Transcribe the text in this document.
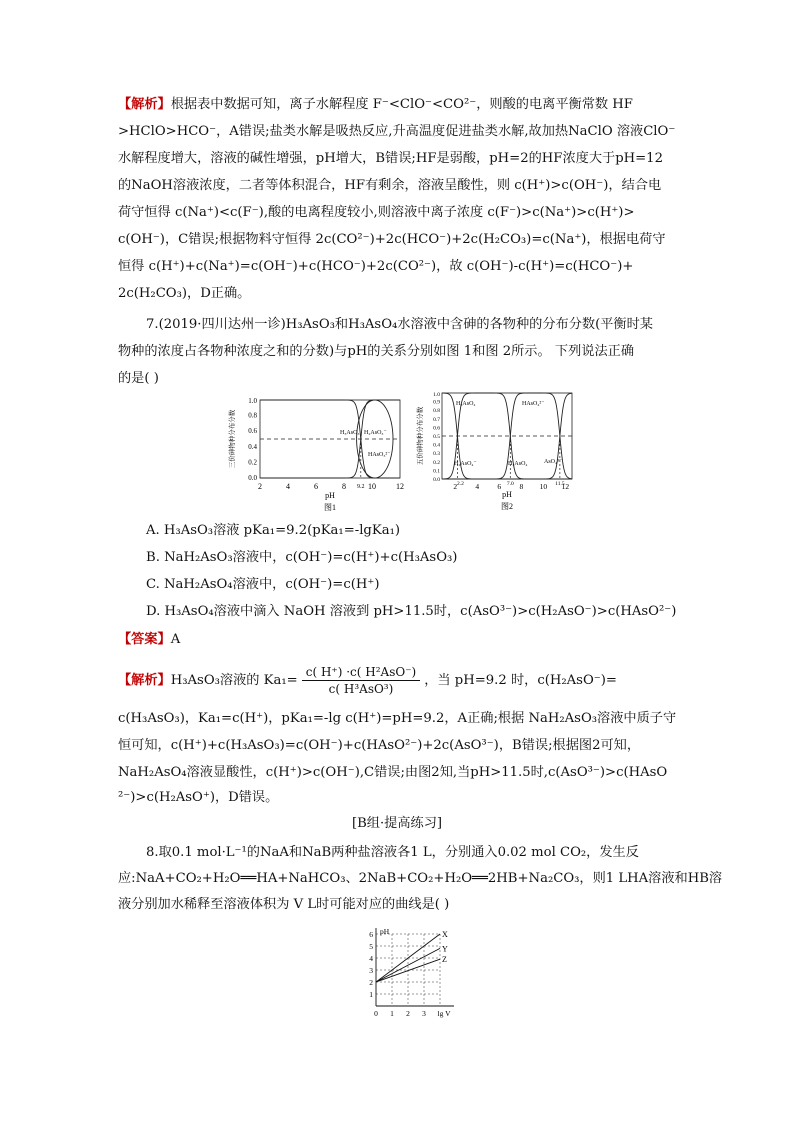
【解析】根据表中数据可知，离子水解程度 F⁻<ClO⁻<CO²⁻，则酸的电离平衡常数 HF
>HClO>HCO⁻，A错误;盐类水解是吸热反应,升高温度促进盐类水解,故加热NaClO 溶液ClO⁻
水解程度增大，溶液的碱性增强，pH增大，B错误;HF是弱酸，pH=2的HF浓度大于pH=12
的NaOH溶液浓度，二者等体积混合，HF有剩余，溶液呈酸性，则 c(H⁺)>c(OH⁻)，结合电
荷守恒得 c(Na⁺)<c(F⁻),酸的电离程度较小,则溶液中离子浓度 c(F⁻)>c(Na⁺)>c(H⁺)>
c(OH⁻)，C错误;根据物料守恒得 2c(CO²⁻)+2c(HCO⁻)+2c(H₂CO₃)=c(Na⁺)，根据电荷守
恒得 c(H⁺)+c(Na⁺)=c(OH⁻)+c(HCO⁻)+2c(CO²⁻)，故 c(OH⁻)-c(H⁺)=c(HCO⁻)+
2c(H₂CO₃)，D正确。
7.(2019·四川达州一诊)H₃AsO₃和H₃AsO₄水溶液中含砷的各物种的分布分数(平衡时某
物种的浓度占各物种浓度之和的分数)与pH的关系分别如图 1和图 2所示。 下列说法正确
的是( )
H₃AsO₃ H₂AsO₃⁻
HAsO₃²⁻
0.0
0.2
0.4
0.6
0.8
1.0
2	4	6	8	10	12
9.2
pH
图1
三价砷物种分布分数
H₃AsO₄
H₂AsO₄⁻
HAsO₄²⁻
AsO₄³⁻
H₃AsO₄
0.0
0.1
0.2
0.3
0.4
0.5
0.6
0.7
0.8
0.9
1.0
2 4 6 8 10 12
2.2	7.0	11.5
pH
图2
五价砷物种分布分数
A. H₃AsO₃溶液 pKa₁=9.2(pKa₁=-lgKa₁)
B. NaH₂AsO₃溶液中，c(OH⁻)=c(H⁺)+c(H₃AsO₃)
C. NaH₂AsO₄溶液中，c(OH⁻)=c(H⁺)
D. H₃AsO₄溶液中滴入 NaOH 溶液到 pH>11.5时，c(AsO³⁻)>c(H₂AsO⁻)>c(HAsO²⁻)
【答案】A
【解析】H₃AsO₃溶液的 $Ka_1= \frac{\text{c( H⁺) ·c( H²AsO⁻)}}{\text{c( H³AsO³)}}$ ，当 pH=9.2 时，c(H₂AsO⁻)=
c(H₃AsO₃)，Ka₁=c(H⁺)，pKa₁=-lg c(H⁺)=pH=9.2，A正确;根据 NaH₂AsO₃溶液中质子守
恒可知，c(H⁺)+c(H₃AsO₃)=c(OH⁻)+c(HAsO²⁻)+2c(AsO³⁻)，B错误;根据图2可知，
NaH₂AsO₄溶液显酸性，c(H⁺)>c(OH⁻),C错误;由图2知,当pH>11.5时,c(AsO³⁻)>c(HAsO
²⁻)>c(H₂AsO⁺)，D错误。
[B组·提高练习]
8.取0.1 mol·L⁻¹的NaA和NaB两种盐溶液各1 L，分别通入0.02 mol CO₂，发生反
应:NaA+CO₂+H₂O══HA+NaHCO₃、2NaB+CO₂+H₂O══2HB+Na₂CO₃，则1 LHA溶液和HB溶
液分别加水稀释至溶液体积为 V L时可能对应的曲线是( )
X
Y
Z
pH
1
2
3
4
5
6
0 1 2 3 lg V
